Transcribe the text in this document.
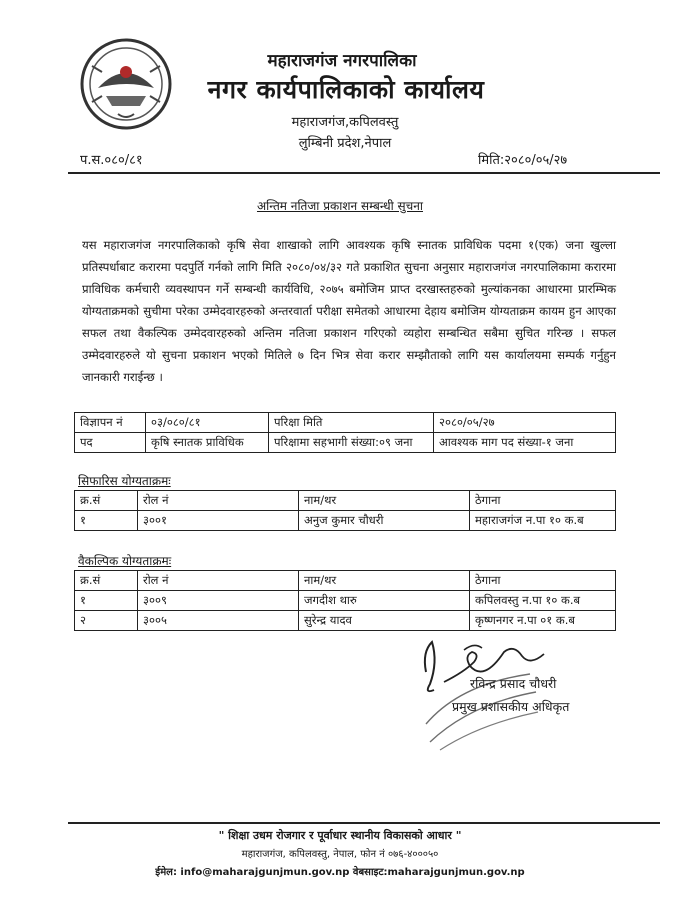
महाराजगंज नगरपालिका
नगर कार्यपालिकाको कार्यालय
महाराजगंज,कपिलवस्तु
लुम्बिनी प्रदेश,नेपाल
प.स.०८०/८१	मिति:२०८०/०५/२७
अन्तिम नतिजा प्रकाशन सम्बन्धी सुचना

यस महाराजगंज नगरपालिकाको कृषि सेवा शाखाको लागि आवश्यक कृषि स्नातक प्राविधिक पदमा १(एक) जना खुल्ला प्रतिस्पर्धाबाट करारमा पदपुर्ति गर्नको लागि मिति २०८०/०४/३२ गते प्रकाशित सुचना अनुसार महाराजगंज नगरपालिकामा करारमा प्राविधिक कर्मचारी व्यवस्थापन गर्ने सम्बन्धी कार्यविधि, २०७५ बमोजिम प्राप्त दरखास्तहरुको मुल्यांकनका आधारमा प्रारम्भिक योग्यताक्रमको सुचीमा परेका उम्मेदवारहरुको अन्तरवार्ता परीक्षा समेतको आधारमा देहाय बमोजिम योग्यताक्रम कायम हुन आएका सफल तथा वैकल्पिक उम्मेदवारहरुको अन्तिम नतिजा प्रकाशन गरिएको व्यहोरा सम्बन्धित सबैमा सुचित गरिन्छ । सफल उम्मेदवारहरुले यो सुचना प्रकाशन भएको मितिले ७ दिन भित्र सेवा करार सम्झौताको लागि यस कार्यालयमा सम्पर्क गर्नुहुन जानकारी गराईन्छ ।

विज्ञापन नं	०३/०८०/८१	परिक्षा मिति	२०८०/०५/२७
पद	कृषि स्नातक प्राविधिक	परिक्षामा सहभागी संख्या:०९ जना	आवश्यक माग पद संख्या-१ जना
सिफारिस योग्यताक्रमः
क्र.सं	रोल नं	नाम/थर	ठेगाना
१	३००१	अनुज कुमार चौधरी	महाराजगंज न.पा १० क.ब
वैकल्पिक योग्यताक्रमः
क्र.सं	रोल नं	नाम/थर	ठेगाना
१	३००९	जगदीश थारु	कपिलवस्तु न.पा १० क.ब
२	३००५	सुरेन्द्र यादव	कृष्णनगर न.पा ०१ क.ब
रविन्द्र प्रसाद चौधरी
प्रमुख प्रशासकीय अधिकृत
" शिक्षा उधम रोजगार र पूर्वाधार स्थानीय विकासको आधार "
महाराजगंज, कपिलवस्तु, नेपाल, फोन नं ०७६-४०००५०
ईमेल: info@maharajgunjmun.gov.np वेबसाइट:maharajgunjmun.gov.np
